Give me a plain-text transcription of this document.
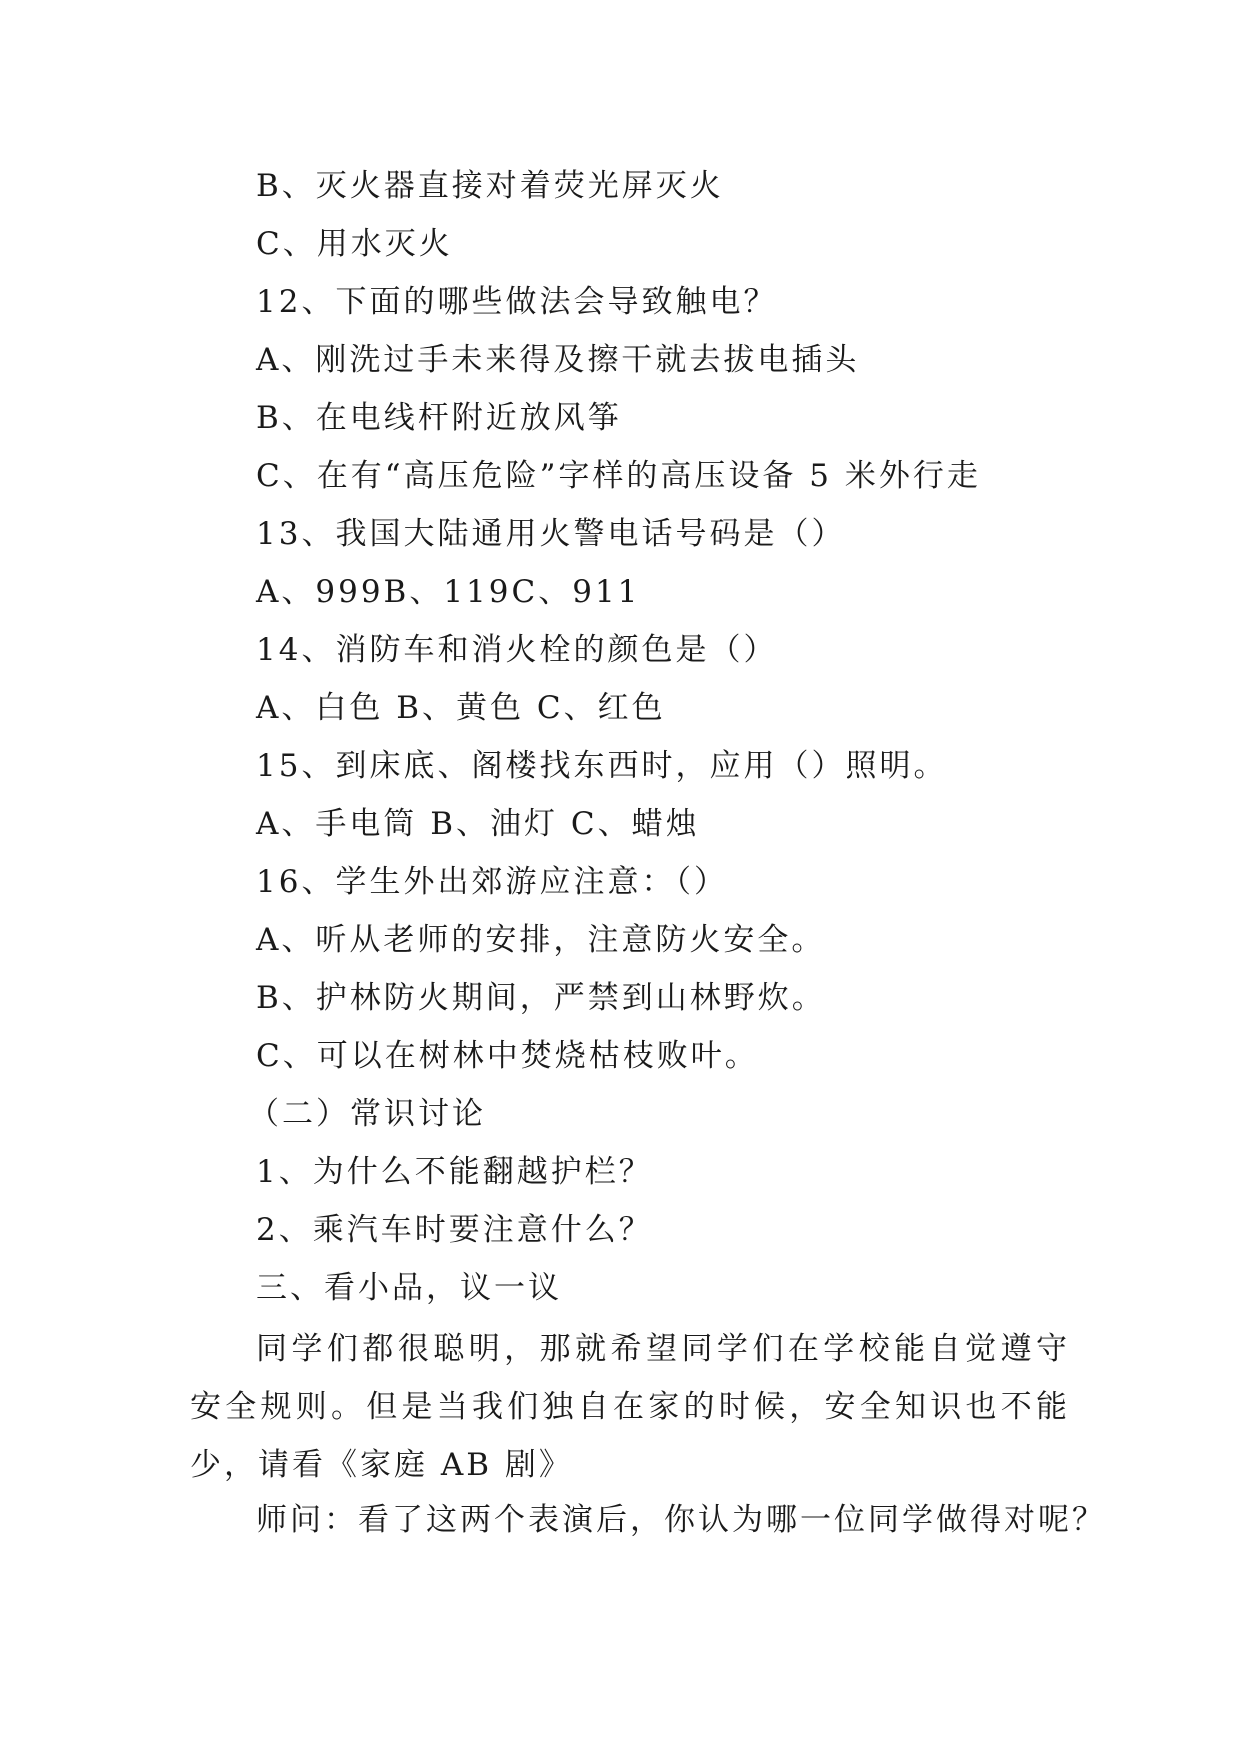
B、灭火器直接对着荧光屏灭火
C、用水灭火
12、下面的哪些做法会导致触电？
A、刚洗过手未来得及擦干就去拔电插头
B、在电线杆附近放风筝
C、在有“高压危险”字样的高压设备 5 米外行走
13、我国大陆通用火警电话号码是（）
A、999B、119C、911
14、消防车和消火栓的颜色是（）
A、白色 B、黄色 C、红色
15、到床底、阁楼找东西时，应用（）照明。
A、手电筒 B、油灯 C、蜡烛
16、学生外出郊游应注意：（）
A、听从老师的安排，注意防火安全。
B、护林防火期间，严禁到山林野炊。
C、可以在树林中焚烧枯枝败叶。
（二）常识讨论
1、为什么不能翻越护栏？
2、乘汽车时要注意什么？
三、看小品，议一议
同学们都很聪明，那就希望同学们在学校能自觉遵守安全规则。但是当我们独自在家的时候，安全知识也不能少，请看《家庭 AB 剧》
师问：看了这两个表演后，你认为哪一位同学做得对呢？
